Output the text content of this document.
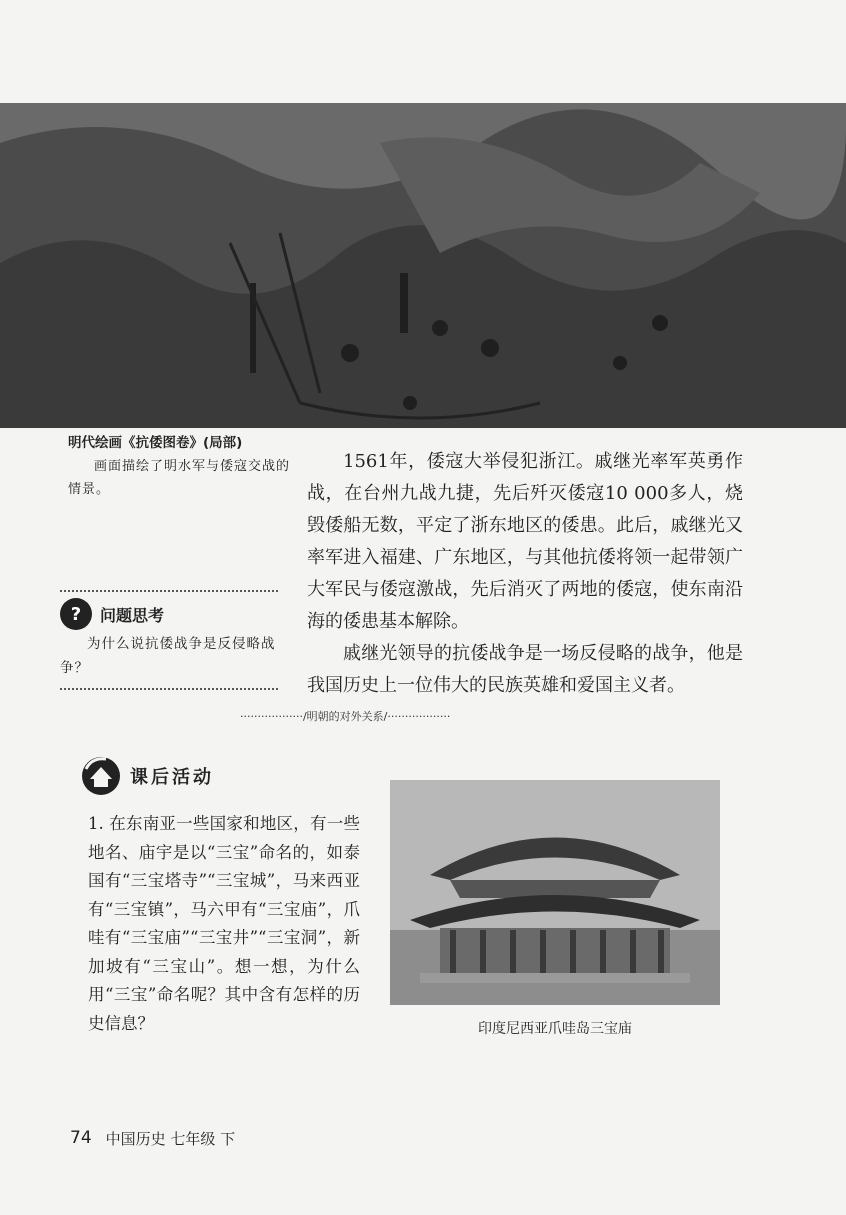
明代绘画《抗倭图卷》(局部)
画面描绘了明水军与倭寇交战的情景。

1561年，倭寇大举侵犯浙江。戚继光率军英勇作战，在台州九战九捷，先后歼灭倭寇10 000多人，烧毁倭船无数，平定了浙东地区的倭患。此后，戚继光又率军进入福建、广东地区，与其他抗倭将领一起带领广大军民与倭寇激战，先后消灭了两地的倭寇，使东南沿海的倭患基本解除。

戚继光领导的抗倭战争是一场反侵略的战争，他是我国历史上一位伟大的民族英雄和爱国主义者。

?	问题思考
为什么说抗倭战争是反侵略战争？
··················/明朝的对外关系/··················
课后活动
1. 在东南亚一些国家和地区，有一些地名、庙宇是以“三宝”命名的，如泰国有“三宝塔寺”“三宝城”，马来西亚有“三宝镇”，马六甲有“三宝庙”，爪哇有“三宝庙”“三宝井”“三宝洞”，新加坡有“三宝山”。想一想，为什么用“三宝”命名呢？其中含有怎样的历史信息？	印度尼西亚爪哇岛三宝庙
74 中国历史 七年级 下
